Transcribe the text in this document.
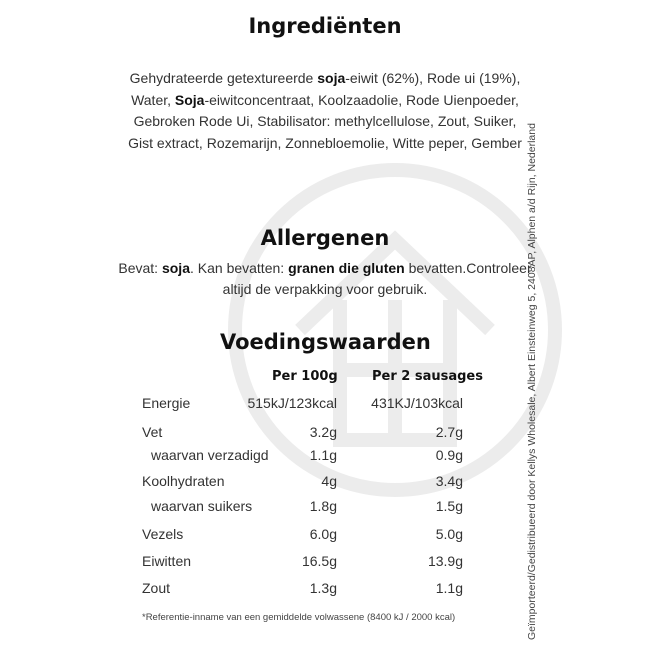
Ingrediënten
Gehydrateerde getextureerde soja-eiwit (62%), Rode ui (19%), Water, Soja-eiwitconcentraat, Koolzaadolie, Rode Uienpoeder, Gebroken Rode Ui, Stabilisator: methylcellulose, Zout, Suiker, Gist extract, Rozemarijn, Zonnebloemolie, Witte peper, Gember
Allergenen
Bevat: soja. Kan bevatten: granen die gluten bevatten.Controleer altijd de verpakking voor gebruik.
Voedingswaarden
Per 100g	Per 2 sausages
Energie	515kJ/123kcal 431KJ/103kcal
Vet	3.2g	2.7g
waarvan verzadigd	1.1g	0.9g
Koolhydraten	4g	3.4g
waarvan suikers	1.8g	1.5g
Vezels	6.0g	5.0g
Eiwitten	16.5g	13.9g
Zout	1.3g	1.1g
*Referentie-inname van een gemiddelde volwassene (8400 kJ / 2000 kcal)	Geïmporteerd/Gedistribueerd door Kellys Wholesale, Albert Einsteinweg 5, 2408AP, Alphen a/d Rijn, Nederland
